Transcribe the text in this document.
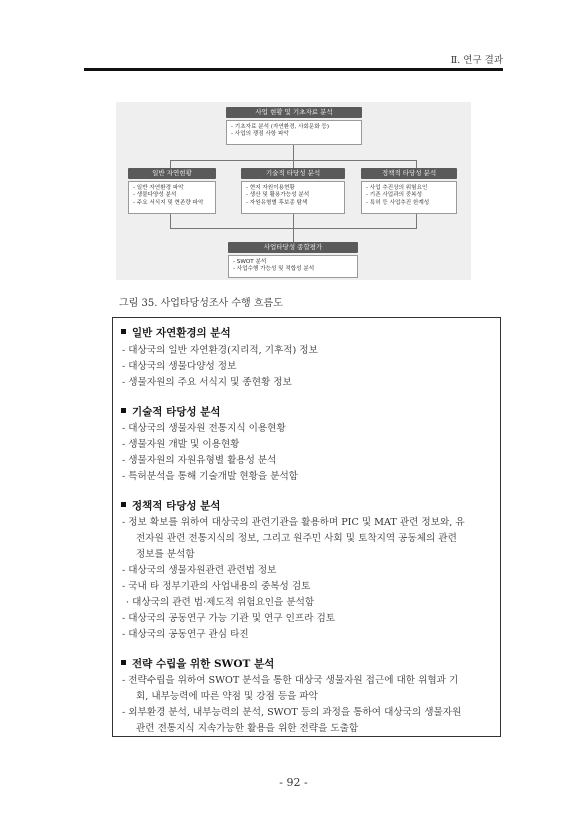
Ⅱ. 연구 결과
사업 현황 및 기초자료 분석
- 기초자료 분석 (자연환경, 사회문화 등)
- 사업의 쟁점 사항 파악
일반 자연현황
- 일반 자연환경 파악
- 생물다양성 분석
- 주요 서식지 및 현존량 파악
기술적 타당성 분석
- 현지 자원이용현황
- 생산 및 활용가능성 분석
- 자원유형별 후보종 탐색
정책적 타당성 분석
- 사업 추진상의 위험요인
- 기존 사업과의 중복성
- 특허 등 사업추진 한계성
사업타당성 종합평가
- SWOT 분석
- 사업수행 가능성 및 적합성 분석
그림 35. 사업타당성조사 수행 흐름도
일반 자연환경의 분석
- 대상국의 일반 자연환경(지리적, 기후적) 정보
- 대상국의 생물다양성 정보
- 생물자원의 주요 서식지 및 종현황 정보
기술적 타당성 분석
- 대상국의 생물자원 전통지식 이용현황
- 생물자원 개발 및 이용현황
- 생물자원의 자원유형별 활용성 분석
- 특허분석을 통해 기술개발 현황을 분석함
정책적 타당성 분석
- 정보 확보를 위하여 대상국의 관련기관을 활용하며 PIC 및 MAT 관련 정보와, 유
전자원 관련 전통지식의 정보, 그리고 원주민 사회 및 토착지역 공동체의 관련
정보를 분석함
- 대상국의 생물자원관련 관련법 정보
- 국내 타 정부기관의 사업내용의 중복성 검토
· 대상국의 관련 법·제도적 위험요인을 분석함
- 대상국의 공동연구 가능 기관 및 연구 인프라 검토
- 대상국의 공동연구 관심 타진
전략 수립을 위한 SWOT 분석
- 전략수립을 위하여 SWOT 분석을 통한 대상국 생물자원 접근에 대한 위협과 기
회, 내부능력에 따른 약점 및 강점 등을 파악
- 외부환경 분석, 내부능력의 분석, SWOT 등의 과정을 통하여 대상국의 생물자원
관련 전통지식 지속가능한 활용을 위한 전략을 도출함
- 92 -
